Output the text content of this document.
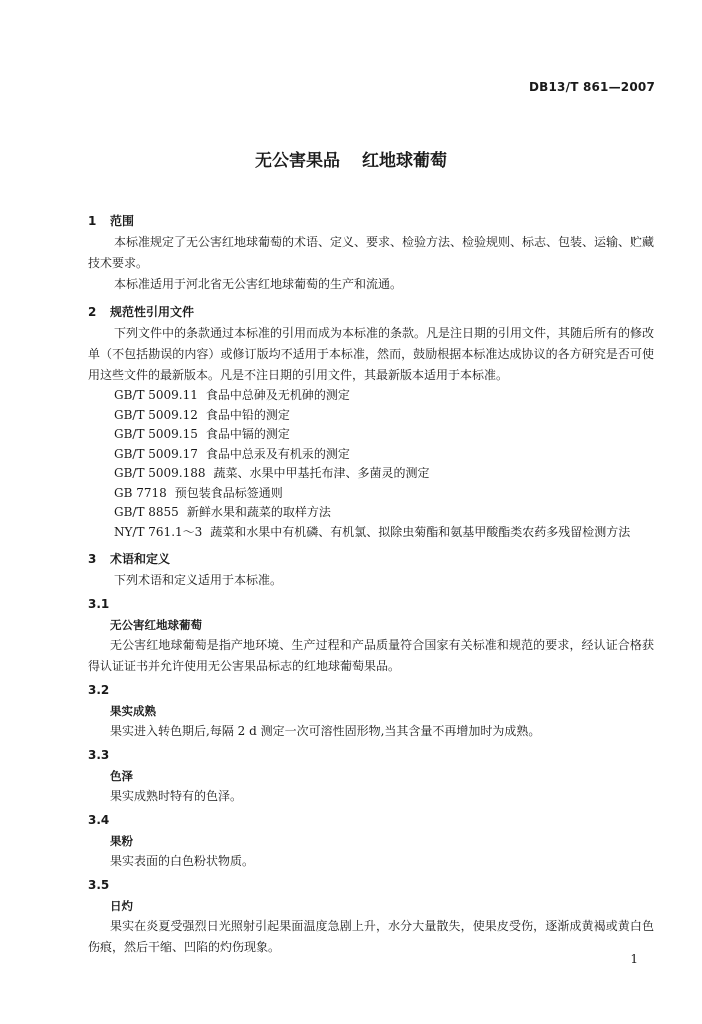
DB13/T 861—2007
无公害果品 红地球葡萄
1 范围
本标准规定了无公害红地球葡萄的术语、定义、要求、检验方法、检验规则、标志、包装、运输、贮藏技术要求。
本标准适用于河北省无公害红地球葡萄的生产和流通。
2 规范性引用文件
下列文件中的条款通过本标准的引用而成为本标准的条款。凡是注日期的引用文件，其随后所有的修改单（不包括勘误的内容）或修订版均不适用于本标准，然而，鼓励根据本标准达成协议的各方研究是否可使用这些文件的最新版本。凡是不注日期的引用文件，其最新版本适用于本标准。
GB/T 5009.11 食品中总砷及无机砷的测定
GB/T 5009.12 食品中铅的测定
GB/T 5009.15 食品中镉的测定
GB/T 5009.17 食品中总汞及有机汞的测定
GB/T 5009.188 蔬菜、水果中甲基托布津、多菌灵的测定
GB 7718 预包装食品标签通则
GB/T 8855 新鲜水果和蔬菜的取样方法
NY/T 761.1～3 蔬菜和水果中有机磷、有机氯、拟除虫菊酯和氨基甲酸酯类农药多残留检测方法
3 术语和定义
下列术语和定义适用于本标准。
3.1
无公害红地球葡萄
无公害红地球葡萄是指产地环境、生产过程和产品质量符合国家有关标准和规范的要求，经认证合格获得认证证书并允许使用无公害果品标志的红地球葡萄果品。
3.2
果实成熟
果实进入转色期后,每隔 2 d 测定一次可溶性固形物,当其含量不再增加时为成熟。
3.3
色泽
果实成熟时特有的色泽。
3.4
果粉
果实表面的白色粉状物质。
3.5
日灼
果实在炎夏受强烈日光照射引起果面温度急剧上升，水分大量散失，使果皮受伤，逐渐成黄褐或黄白色伤痕，然后干缩、凹陷的灼伤现象。
1
